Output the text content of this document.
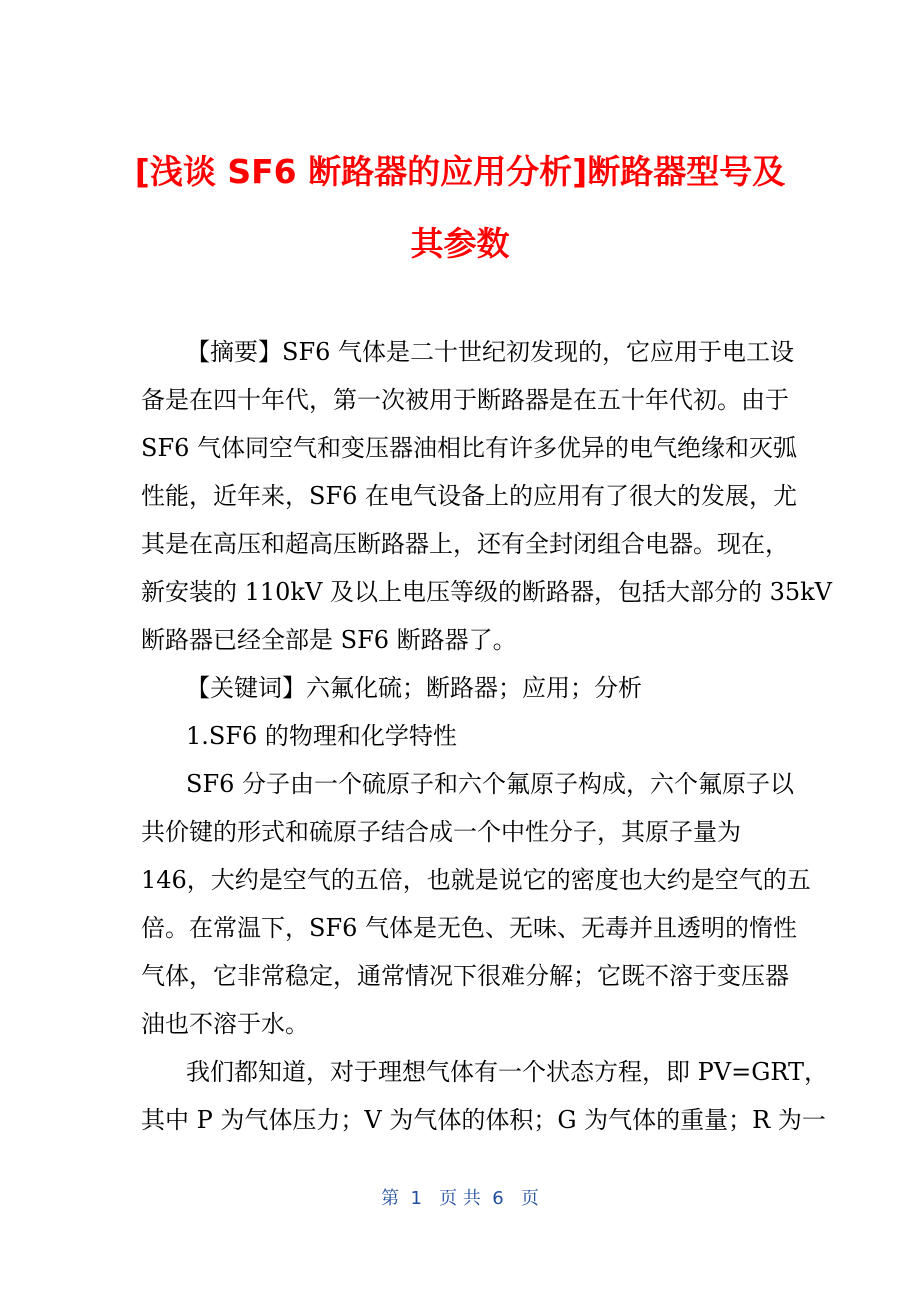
[浅谈 SF6 断路器的应用分析]断路器型号及
其参数
【摘要】SF6 气体是二十世纪初发现的，它应用于电工设
备是在四十年代，第一次被用于断路器是在五十年代初。由于
SF6 气体同空气和变压器油相比有许多优异的电气绝缘和灭弧
性能，近年来，SF6 在电气设备上的应用有了很大的发展，尤
其是在高压和超高压断路器上，还有全封闭组合电器。现在，
新安装的 110kV 及以上电压等级的断路器，包括大部分的 35kV
断路器已经全部是 SF6 断路器了。
【关键词】六氟化硫；断路器；应用；分析
1.SF6 的物理和化学特性
SF6 分子由一个硫原子和六个氟原子构成，六个氟原子以
共价键的形式和硫原子结合成一个中性分子，其原子量为
146，大约是空气的五倍，也就是说它的密度也大约是空气的五
倍。在常温下，SF6 气体是无色、无味、无毒并且透明的惰性
气体，它非常稳定，通常情况下很难分解；它既不溶于变压器
油也不溶于水。
我们都知道，对于理想气体有一个状态方程，即 PV=GRT，
其中 P 为气体压力；V 为气体的体积；G 为气体的重量；R 为一
第  1   页 共  6   页
